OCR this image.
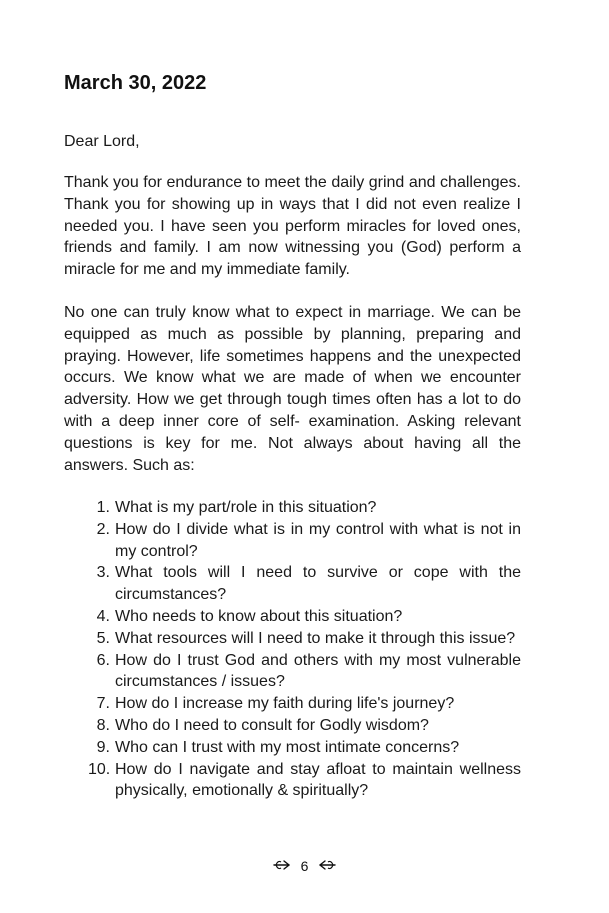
March 30, 2022

Dear Lord,

Thank you for endurance to meet the daily grind and challenges. Thank you for showing up in ways that I did not even realize I needed you. I have seen you perform miracles for loved ones, friends and family. I am now witnessing you (God) perform a miracle for me and my immediate family.

No one can truly know what to expect in marriage. We can be equipped as much as possible by planning, preparing and praying. However, life sometimes happens and the unexpected occurs. We know what we are made of when we encounter adversity. How we get through tough times often has a lot to do with a deep inner core of self- examination. Asking relevant questions is key for me. Not always about having all the answers. Such as:

1. What is my part/role in this situation?
2. How do I divide what is in my control with what is not in my control?
3. What tools will I need to survive or cope with the circumstances?
4. Who needs to know about this situation?
5. What resources will I need to make it through this issue?
6. How do I trust God and others with my most vulnerable circumstances / issues?
7. How do I increase my faith during life's journey?
8. Who do I need to consult for Godly wisdom?
9. Who can I trust with my most intimate concerns?
10. How do I navigate and stay afloat to maintain wellness physically, emotionally & spiritually?
6
